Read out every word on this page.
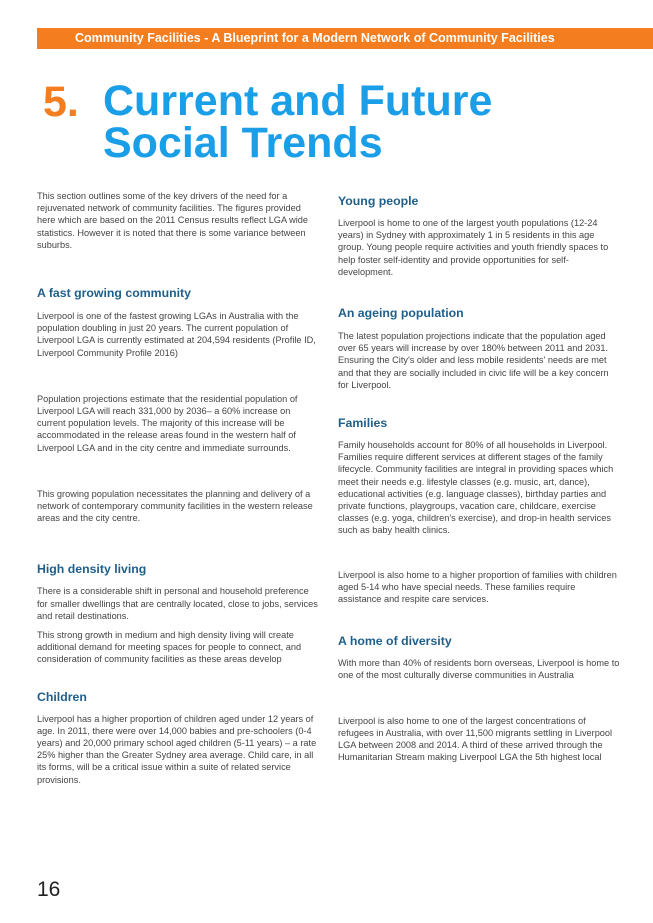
Community Facilities - A Blueprint for a Modern Network of Community Facilities
5. Current and Future
Social Trends

This section outlines some of the key drivers of the need for a rejuvenated network of community facilities. The figures provided here which are based on the 2011 Census results reflect LGA wide statistics. However it is noted that there is some variance between suburbs.

A fast growing community

Liverpool is one of the fastest growing LGAs in Australia with the population doubling in just 20 years. The current population of Liverpool LGA is currently estimated at 204,594 residents (Profile ID, Liverpool Community Profile 2016)

Population projections estimate that the residential population of Liverpool LGA will reach 331,000 by 2036– a 60% increase on current population levels. The majority of this increase will be accommodated in the release areas found in the western half of Liverpool LGA and in the city centre and immediate surrounds.

This growing population necessitates the planning and delivery of a network of contemporary community facilities in the western release areas and the city centre.

High density living

There is a considerable shift in personal and household preference for smaller dwellings that are centrally located, close to jobs, services and retail destinations.

This strong growth in medium and high density living will create additional demand for meeting spaces for people to connect, and consideration of community facilities as these areas develop

Children

Liverpool has a higher proportion of children aged under 12 years of age. In 2011, there were over 14,000 babies and pre-schoolers (0-4 years) and 20,000 primary school aged children (5-11 years) – a rate 25% higher than the Greater Sydney area average. Child care, in all its forms, will be a critical issue within a suite of related service provisions.

Young people

Liverpool is home to one of the largest youth populations (12-24 years) in Sydney with approximately 1 in 5 residents in this age group. Young people require activities and youth friendly spaces to help foster self-identity and provide opportunities for self-development.

An ageing population

The latest population projections indicate that the population aged over 65 years will increase by over 180% between 2011 and 2031. Ensuring the City's older and less mobile residents' needs are met and that they are socially included in civic life will be a key concern for Liverpool.

Families

Family households account for 80% of all households in Liverpool. Families require different services at different stages of the family lifecycle. Community facilities are integral in providing spaces which meet their needs e.g. lifestyle classes (e.g. music, art, dance), educational activities (e.g. language classes), birthday parties and private functions, playgroups, vacation care, childcare, exercise classes (e.g. yoga, children's exercise), and drop-in health services such as baby health clinics.

Liverpool is also home to a higher proportion of families with children aged 5-14 who have special needs. These families require assistance and respite care services.

A home of diversity

With more than 40% of residents born overseas, Liverpool is home to one of the most culturally diverse communities in Australia

Liverpool is also home to one of the largest concentrations of refugees in Australia, with over 11,500 migrants settling in Liverpool LGA between 2008 and 2014. A third of these arrived through the Humanitarian Stream making Liverpool LGA the 5th highest local

16
